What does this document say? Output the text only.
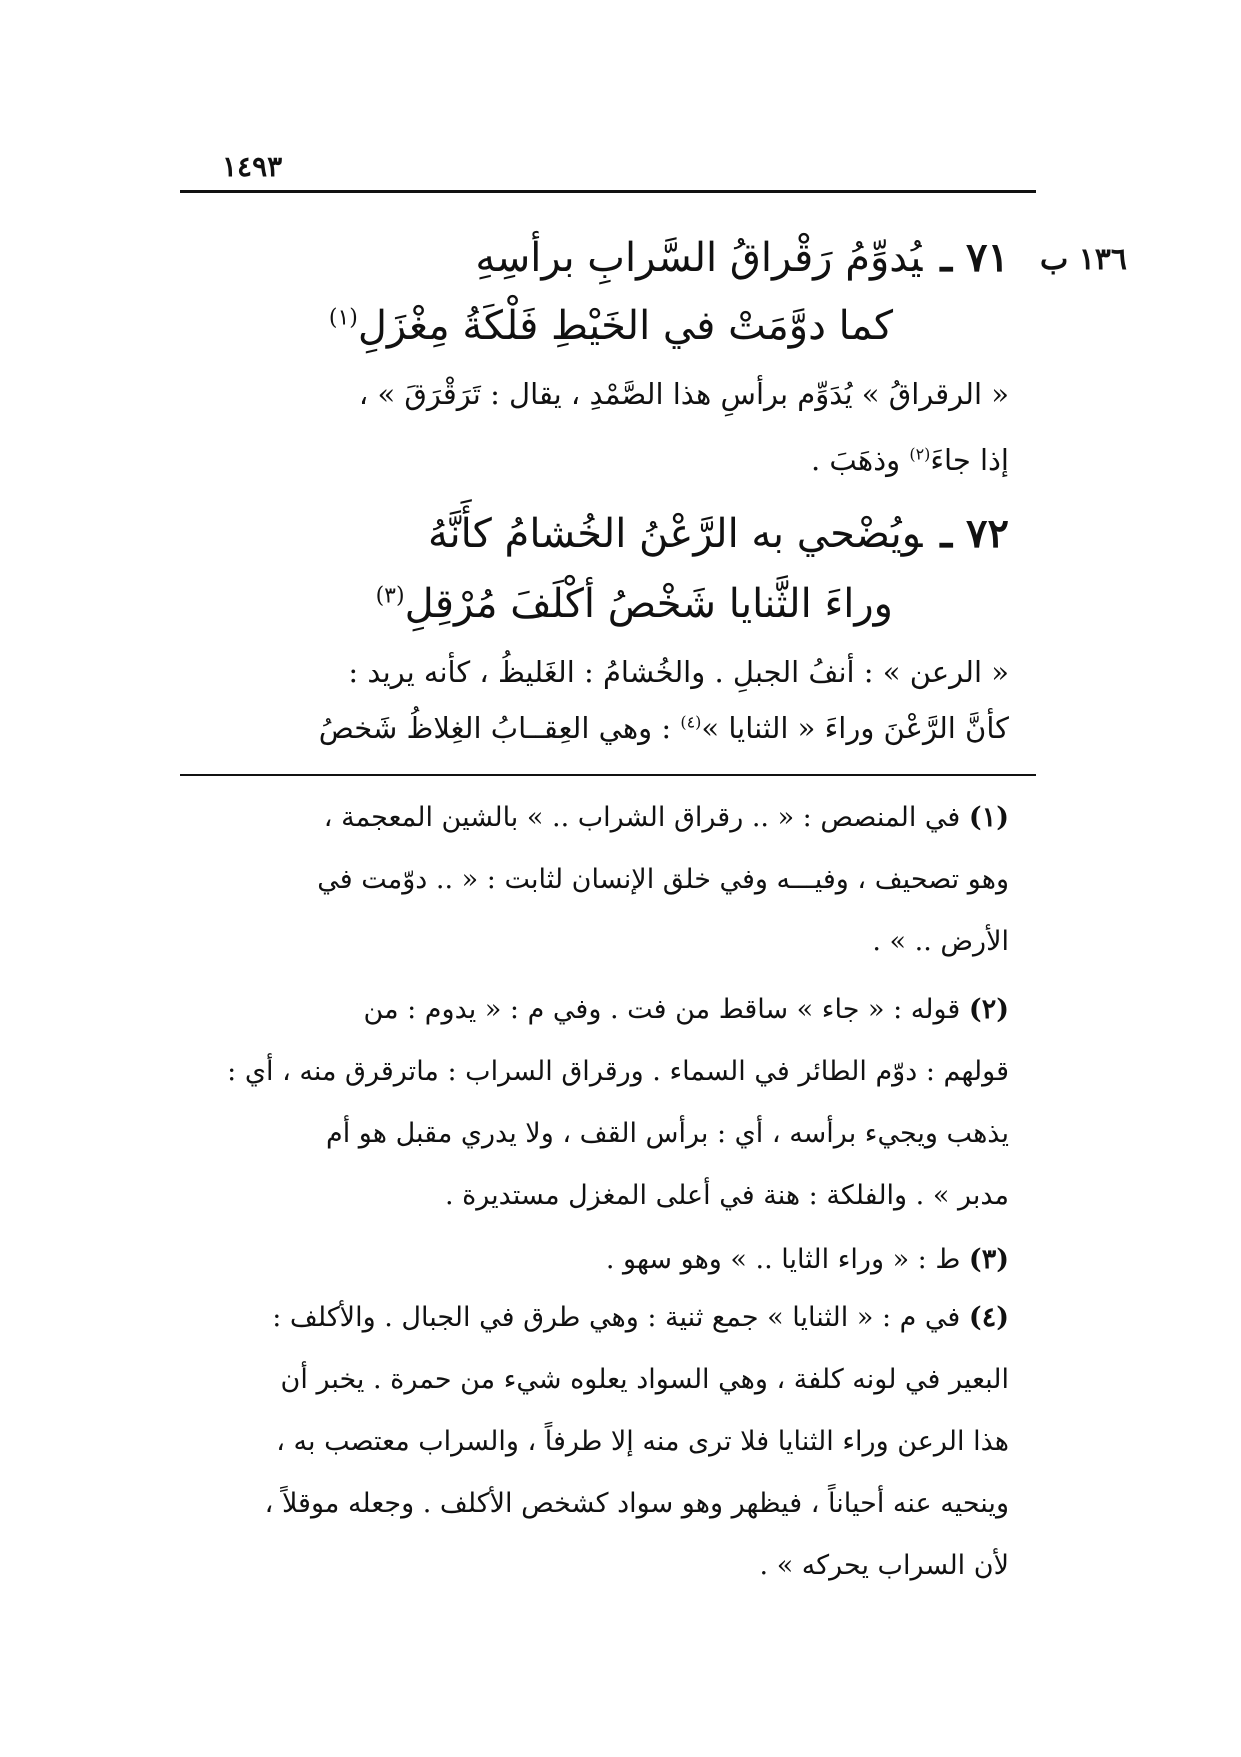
١٤٩٣
١٣٦ ب
٧١ ـيُدوِّمُ رَقْراقُ السَّرابِ برأسِهِ
كما دوَّمَتْ في الخَيْطِ فَلْكَةُ مِغْزَلِ$^{(١)}$
« الرقراقُ » يُدَوِّم برأسِ هذا الصَّمْدِ ، يقال : تَرَقْرَقَ » ،
إذا جاءَ$^{(٢)}$ وذهَبَ .
٧٢ ـويُضْحي به الرَّعْنُ الخُشامُ كأَنَّهُ
وراءَ الثَّنايا شَخْصُ أكْلَفَ مُرْقِلِ$^{(٣)}$
« الرعن » : أنفُ الجبلِ . والخُشامُ : الغَليظُ ، كأنه يريد :
كأنَّ الرَّعْنَ وراءَ « الثنايا »$^{(٤)}$ : وهي العِقــابُ الغِلاظُ شَخصُ
(١) في المنصص : « .. رقراق الشراب .. » بالشين المعجمة ،
وهو تصحيف ، وفيـــه وفي خلق الإنسان لثابت : « .. دوّمت في
الأرض .. » .
(٢) قوله : « جاء » ساقط من فت . وفي م : « يدوم : من
قولهم : دوّم الطائر في السماء . ورقراق السراب : ماترقرق منه ، أي :
يذهب ويجيء برأسه ، أي : برأس القف ، ولا يدري مقبل هو أم
مدبر » . والفلكة : هنة في أعلى المغزل مستديرة .
(٣) ط : « وراء الثايا .. » وهو سهو .
(٤) في م : « الثنايا » جمع ثنية : وهي طرق في الجبال . والأكلف :
البعير في لونه كلفة ، وهي السواد يعلوه شيء من حمرة . يخبر أن
هذا الرعن وراء الثنايا فلا ترى منه إلا طرفاً ، والسراب معتصب به ،
وينحيه عنه أحياناً ، فيظهر وهو سواد كشخص الأكلف . وجعله موقلاً ،
لأن السراب يحركه » .
